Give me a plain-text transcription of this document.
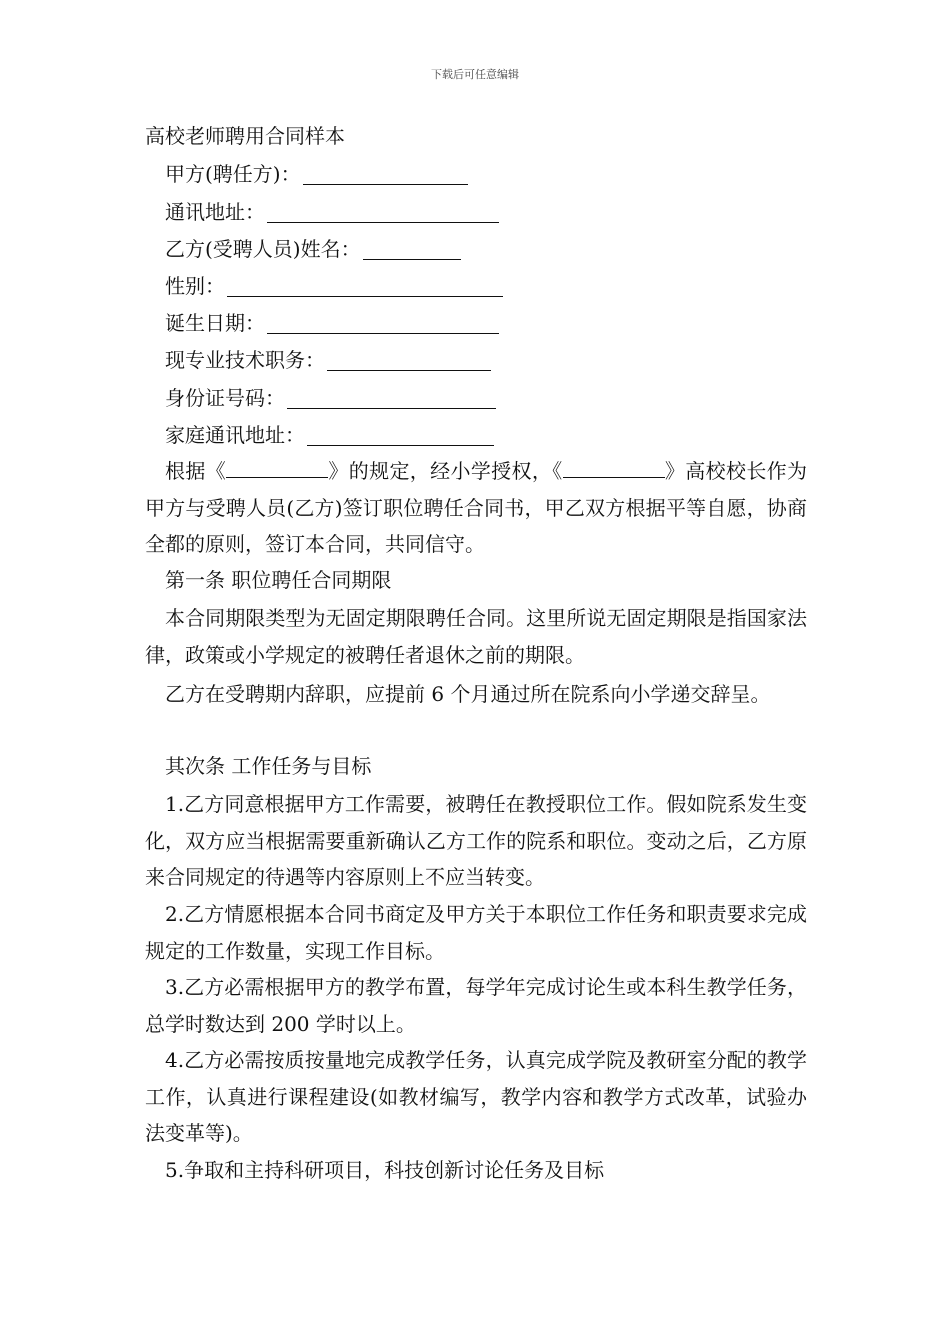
下载后可任意编辑
高校老师聘用合同样本
甲方(聘任方)：
通讯地址：
乙方(受聘人员)姓名：
性别：
诞生日期：
现专业技术职务：
身份证号码：
家庭通讯地址：
根据《	》的规定，经小学授权，《	》高校校长作为甲方与受聘人员(乙方)签订职位聘任合同书，甲乙双方根据平等自愿，协商全都的原则，签订本合同，共同信守。
第一条 职位聘任合同期限
本合同期限类型为无固定期限聘任合同。这里所说无固定期限是指国家法律，政策或小学规定的被聘任者退休之前的期限。
乙方在受聘期内辞职，应提前 6 个月通过所在院系向小学递交辞呈。
其次条 工作任务与目标
1.乙方同意根据甲方工作需要，被聘任在教授职位工作。假如院系发生变化，双方应当根据需要重新确认乙方工作的院系和职位。变动之后，乙方原来合同规定的待遇等内容原则上不应当转变。
2.乙方情愿根据本合同书商定及甲方关于本职位工作任务和职责要求完成规定的工作数量，实现工作目标。
3.乙方必需根据甲方的教学布置，每学年完成讨论生或本科生教学任务，总学时数达到 200 学时以上。
4.乙方必需按质按量地完成教学任务，认真完成学院及教研室分配的教学工作，认真进行课程建设(如教材编写，教学内容和教学方式改革，试验办法变革等)。
5.争取和主持科研项目，科技创新讨论任务及目标
